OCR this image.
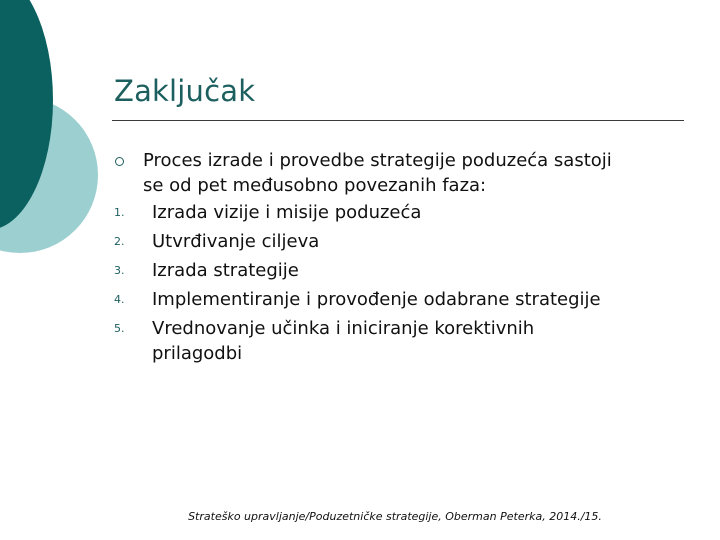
Zaključak
Proces izrade i provedbe strategije poduzeća sastoji
se od pet međusobno povezanih faza:
1. Izrada vizije i misije poduzeća
2. Utvrđivanje ciljeva
3. Izrada strategije
4. Implementiranje i provođenje odabrane strategije
5. Vrednovanje učinka i iniciranje korektivnih
prilagodbi
Strateško upravljanje/Poduzetničke strategije, Oberman Peterka, 2014./15.
